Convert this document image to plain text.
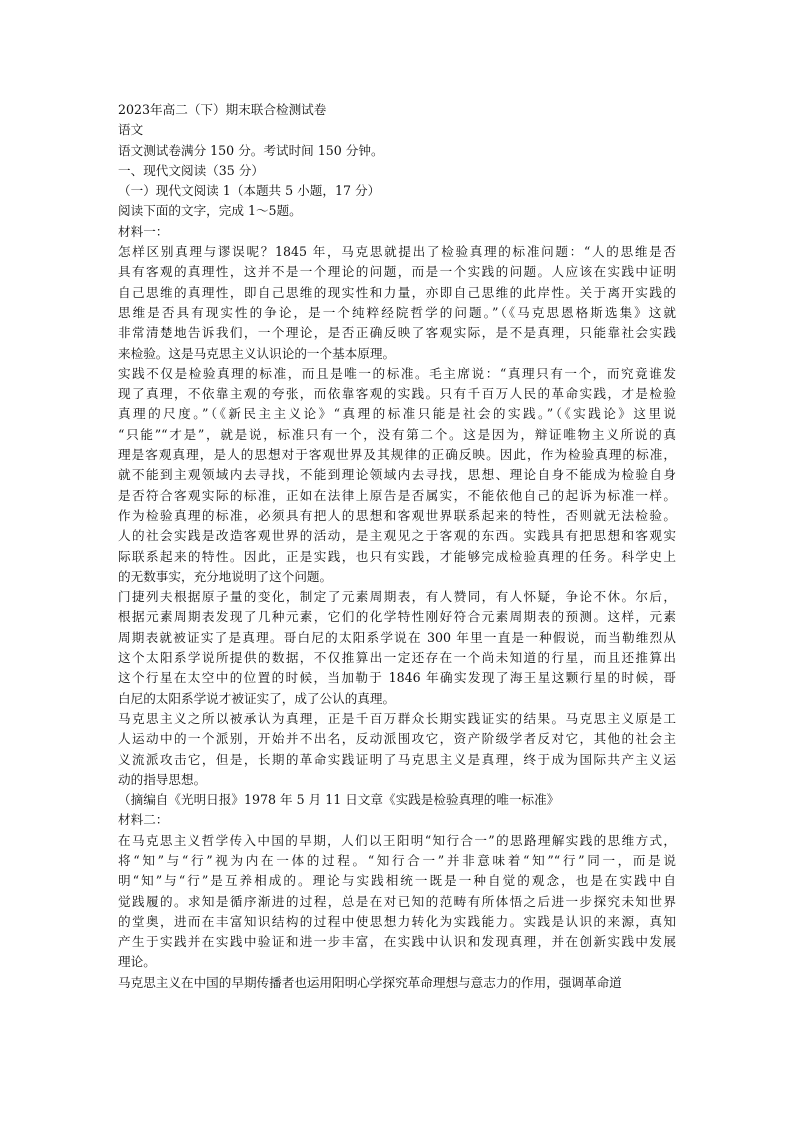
2023年高二（下）期末联合检测试卷
语文
语文测试卷满分 150 分。考试时间 150 分钟。
一、现代文阅读（35 分）
（一）现代文阅读 1（本题共 5 小题，17 分）
阅读下面的文字，完成 1～5题。
材料一：
怎样区别真理与谬误呢？1845 年，马克思就提出了检验真理的标准问题：“人的思维是否
具有客观的真理性，这并不是一个理论的问题，而是一个实践的问题。人应该在实践中证明
自己思维的真理性，即自己思维的现实性和力量，亦即自己思维的此岸性。关于离开实践的
思维是否具有现实性的争论，是一个纯粹经院哲学的问题。”（《马克思恩格斯选集》这就
非常清楚地告诉我们，一个理论，是否正确反映了客观实际，是不是真理，只能靠社会实践
来检验。这是马克思主义认识论的一个基本原理。
实践不仅是检验真理的标准，而且是唯一的标准。毛主席说：“真理只有一个，而究竟谁发
现了真理，不依靠主观的夸张，而依靠客观的实践。只有千百万人民的革命实践，才是检验
真理的尺度。”（《新民主主义论》“真理的标准只能是社会的实践。”（《实践论》这里说
“只能”“才是”，就是说，标准只有一个，没有第二个。这是因为，辩证唯物主义所说的真
理是客观真理，是人的思想对于客观世界及其规律的正确反映。因此，作为检验真理的标准，
就不能到主观领域内去寻找，不能到理论领域内去寻找，思想、理论自身不能成为检验自身
是否符合客观实际的标准，正如在法律上原告是否属实，不能依他自己的起诉为标准一样。
作为检验真理的标准，必须具有把人的思想和客观世界联系起来的特性，否则就无法检验。
人的社会实践是改造客观世界的活动，是主观见之于客观的东西。实践具有把思想和客观实
际联系起来的特性。因此，正是实践，也只有实践，才能够完成检验真理的任务。科学史上
的无数事实，充分地说明了这个问题。
门捷列夫根据原子量的变化，制定了元素周期表，有人赞同，有人怀疑，争论不休。尔后，
根据元素周期表发现了几种元素，它们的化学特性刚好符合元素周期表的预测。这样，元素
周期表就被证实了是真理。哥白尼的太阳系学说在 300 年里一直是一种假说，而当勒维烈从
这个太阳系学说所提供的数据，不仅推算出一定还存在一个尚未知道的行星，而且还推算出
这个行星在太空中的位置的时候，当加勒于 1846 年确实发现了海王星这颗行星的时候，哥
白尼的太阳系学说才被证实了，成了公认的真理。
马克思主义之所以被承认为真理，正是千百万群众长期实践证实的结果。马克思主义原是工
人运动中的一个派别，开始并不出名，反动派围攻它，资产阶级学者反对它，其他的社会主
义流派攻击它，但是，长期的革命实践证明了马克思主义是真理，终于成为国际共产主义运
动的指导思想。
（摘编自《光明日报》1978 年 5 月 11 日文章《实践是检验真理的唯一标准》
材料二：
在马克思主义哲学传入中国的早期，人们以王阳明“知行合一”的思路理解实践的思维方式，
将“知”与“行”视为内在一体的过程。“知行合一”并非意味着“知”“行”同一，而是说
明“知”与“行”是互养相成的。理论与实践相统一既是一种自觉的观念，也是在实践中自
觉践履的。求知是循序渐进的过程，总是在对已知的范畴有所体悟之后进一步探究未知世界
的堂奥，进而在丰富知识结构的过程中使思想力转化为实践能力。实践是认识的来源，真知
产生于实践并在实践中验证和进一步丰富，在实践中认识和发现真理，并在创新实践中发展
理论。
马克思主义在中国的早期传播者也运用阳明心学探究革命理想与意志力的作用，强调革命道
